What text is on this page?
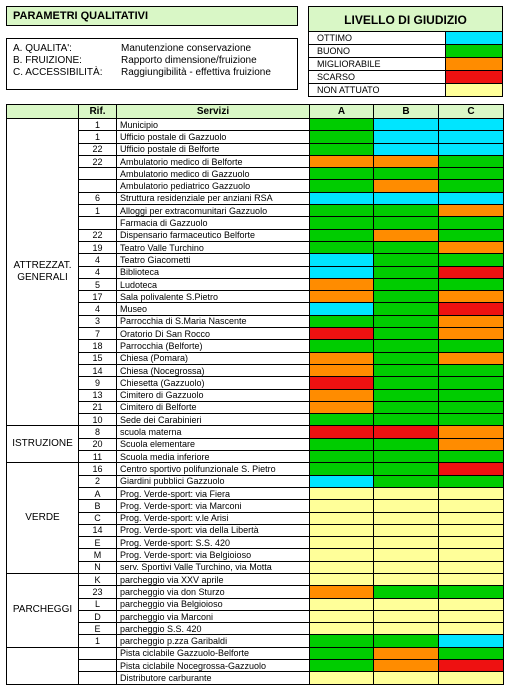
PARAMETRI QUALITATIVI
A. QUALITA':	Manutenzione conservazione
B. FRUIZIONE:	Rapporto dimensione/fruizione
C. ACCESSIBILITÀ: Raggiungibilità - effettiva fruizione
LIVELLO DI GIUDIZIO
OTTIMO
BUONO
MIGLIORABILE
SCARSO
NON ATTUATO
	Rif.	Servizi	A	B	C
ATTREZZAT. GENERALI	1	Municipio			
	1	Ufficio postale di Gazzuolo			
	22	Ufficio postale di Belforte			
	22	Ambulatorio medico di Belforte			
		Ambulatorio medico di Gazzuolo			
		Ambulatorio pediatrico Gazzuolo			
	6	Struttura residenziale per anziani RSA			
	1	Alloggi per extracomunitari Gazzuolo			
		Farmacia di Gazzuolo			
	22	Dispensario farmaceutico Belforte			
	19	Teatro Valle Turchino			
	4	Teatro Giacometti			
	4	Biblioteca			
	5	Ludoteca			
	17	Sala polivalente S.Pietro			
	4	Museo			
	3	Parrocchia di S.Maria Nascente			
	7	Oratorio Di San Rocco			
	18	Parrocchia (Belforte)			
	15	Chiesa (Pomara)			
	14	Chiesa (Nocegrossa)			
	9	Chiesetta (Gazzuolo)			
	13	Cimitero di Gazzuolo			
	21	Cimitero di Belforte			
	10	Sede dei Carabinieri			
ISTRUZIONE	8	scuola materna			
	20	Scuola elementare			
	11	Scuola media inferiore			
VERDE	16	Centro sportivo polifunzionale S. Pietro			
	2	Giardini pubblici Gazzuolo			
	A	Prog. Verde-sport: via Fiera			
	B	Prog. Verde-sport: via Marconi			
	C	Prog. Verde-sport: v.le Arisi			
	14	Prog. Verde-sport: via della Libertà			
	E	Prog. Verde-sport: S.S. 420			
	M	Prog. Verde-sport: via Belgioioso			
	N	serv. Sportivi Valle Turchino, via Motta			
PARCHEGGI	K	parcheggio via XXV aprile			
	23	parcheggio via don Sturzo			
	L	parcheggio via Belgioioso			
	D	parcheggio via Marconi			
	E	parcheggio S.S. 420			
	1	parcheggio p.zza Garibaldi			
		Pista ciclabile Gazzuolo-Belforte			
		Pista ciclabile Nocegrossa-Gazzuolo			
		Distributore carburante			
